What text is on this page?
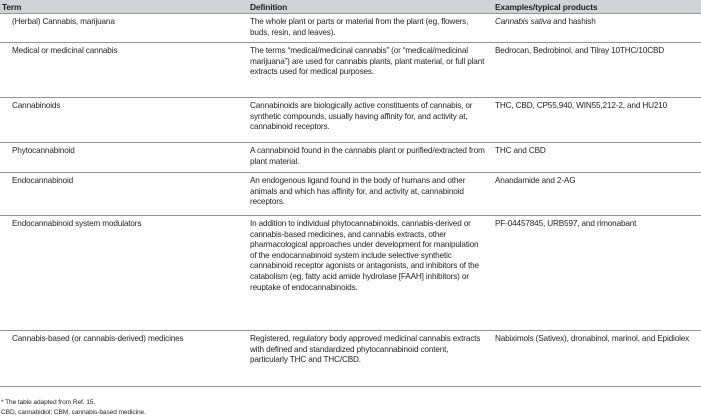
Term	Definition	Examples/typical products
(Herbal) Cannabis, marijuana	The whole plant or parts or material from the plant (eg, flowers, buds, resin, and leaves).	Cannabis sativa and hashish
Medical or medicinal cannabis	The terms “medical/medicinal cannabis” (or “medical/medicinal marijuana”) are used for cannabis plants, plant material, or full plant extracts used for medical purposes.	Bedrocan, Bedrobinol, and Tilray 10THC/10CBD
Cannabinoids	Cannabinoids are biologically active constituents of cannabis, or synthetic compounds, usually having affinity for, and activity at, cannabinoid receptors.	THC, CBD, CP55,940, WIN55,212-2, and HU210
Phytocannabinoid	A cannabinoid found in the cannabis plant or purified/extracted from plant material.	THC and CBD
Endocannabinoid	An endogenous ligand found in the body of humans and other animals and which has affinity for, and activity at, cannabinoid receptors.	Anandamide and 2-AG
Endocannabinoid system modulators	In addition to individual phytocannabinoids, cannabis-derived or cannabis-based medicines, and cannabis extracts, other pharmacological approaches under development for manipulation of the endocannabinoid system include selective synthetic cannabinoid receptor agonists or antagonists, and inhibitors of the catabolism (eg, fatty acid amide hydrolase [FAAH] inhibitors) or reuptake of endocannabinoids.	PF-04457845, URB597, and rimonabant
Cannabis-based (or cannabis-derived) medicines	Registered, regulatory body approved medicinal cannabis extracts with defined and standardized phytocannabinoid content, particularly THC and THC/CBD.	Nabiximols (Sativex), dronabinol, marinol, and Epidiolex
* The table adapted from Ref. 15.
CBD, cannabidiol; CBM, cannabis-based medicine.
